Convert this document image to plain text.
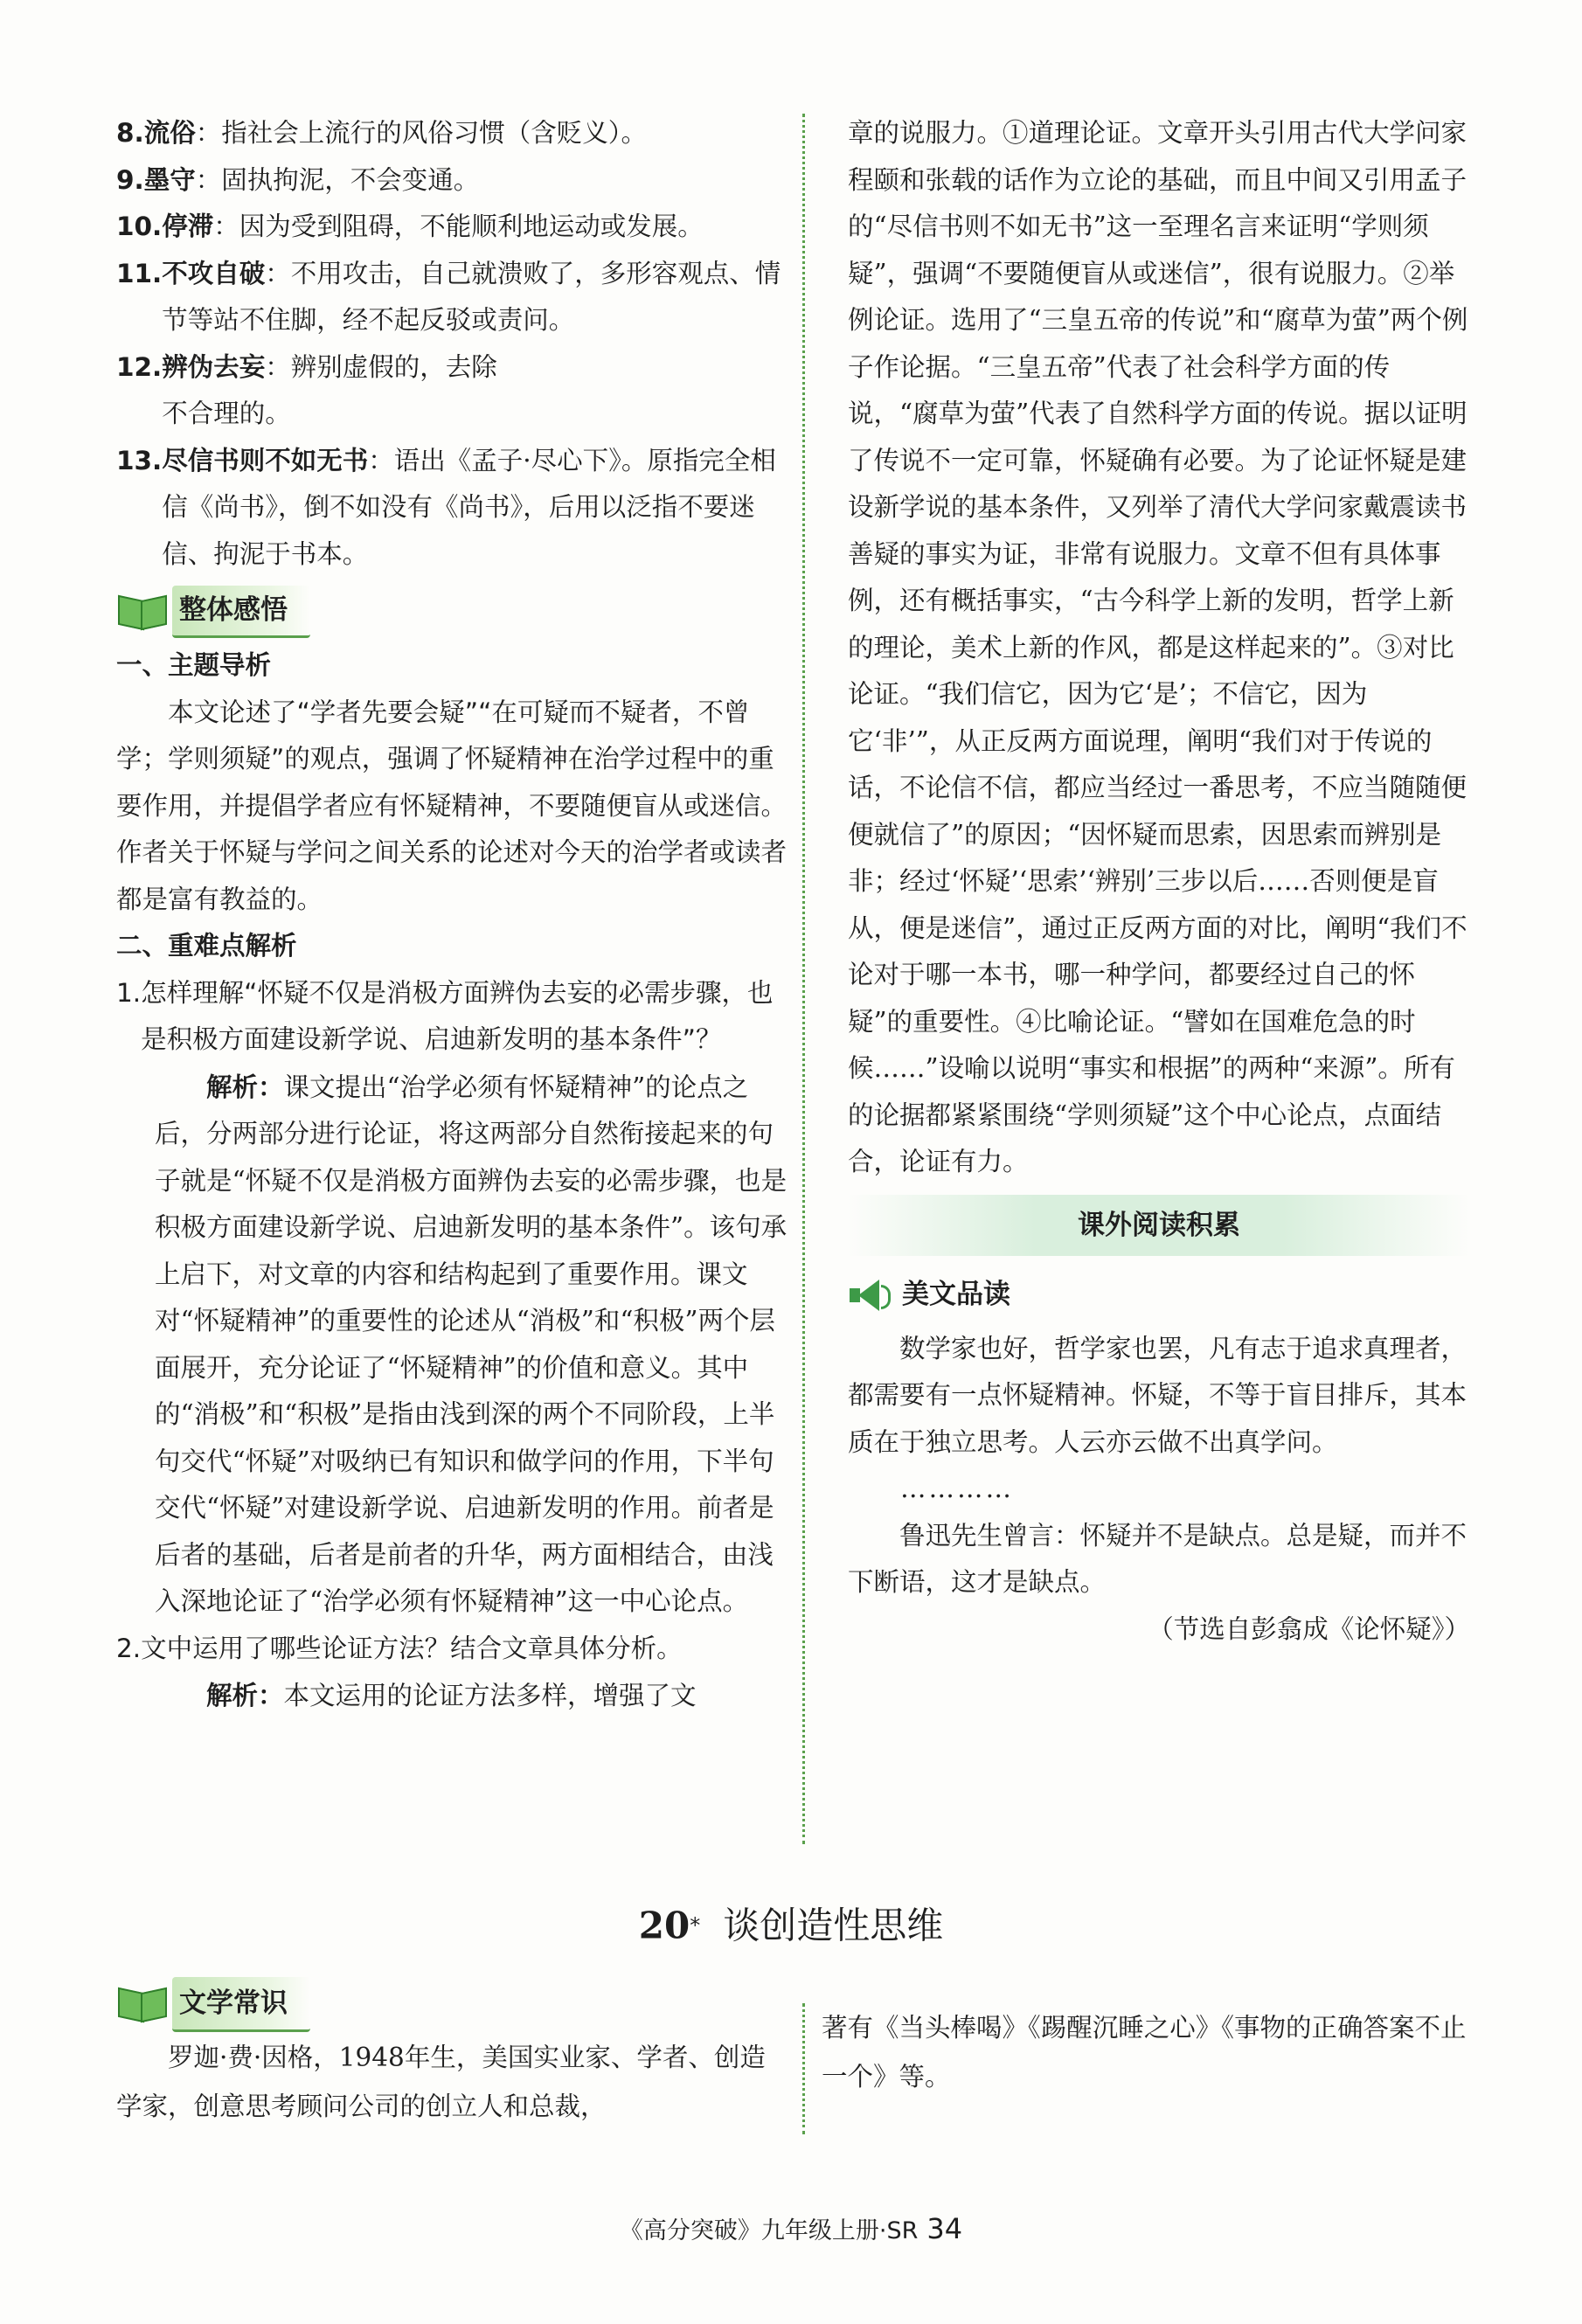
8. 流俗：指社会上流行的风俗习惯（含贬义）。
9. 墨守：固执拘泥，不会变通。
10. 停滞：因为受到阻碍，不能顺利地运动或发展。
11. 不攻自破：不用攻击，自己就溃败了，多形容观点、情节等站不住脚，经不起反驳或责问。
12. 辨伪去妄：辨别虚假的，去除不合理的。
13. 尽信书则不如无书：语出《孟子·尽心下》。原指完全相信《尚书》，倒不如没有《尚书》，后用以泛指不要迷信、拘泥于书本。
整体感悟

一、主题导析

本文论述了“学者先要会疑”“在可疑而不疑者，不曾学；学则须疑”的观点，强调了怀疑精神在治学过程中的重要作用，并提倡学者应有怀疑精神，不要随便盲从或迷信。作者关于怀疑与学问之间关系的论述对今天的治学者或读者都是富有教益的。

二、重难点解析

1. 怎样理解“怀疑不仅是消极方面辨伪去妄的必需步骤，也是积极方面建设新学说、启迪新发明的基本条件”？

解析：课文提出“治学必须有怀疑精神”的论点之后，分两部分进行论证，将这两部分自然衔接起来的句子就是“怀疑不仅是消极方面辨伪去妄的必需步骤，也是积极方面建设新学说、启迪新发明的基本条件”。该句承上启下，对文章的内容和结构起到了重要作用。课文对“怀疑精神”的重要性的论述从“消极”和“积极”两个层面展开，充分论证了“怀疑精神”的价值和意义。其中的“消极”和“积极”是指由浅到深的两个不同阶段，上半句交代“怀疑”对吸纳已有知识和做学问的作用，下半句交代“怀疑”对建设新学说、启迪新发明的作用。前者是后者的基础，后者是前者的升华，两方面相结合，由浅入深地论证了“治学必须有怀疑精神”这一中心论点。

2. 文中运用了哪些论证方法？结合文章具体分析。

解析：本文运用的论证方法多样，增强了文

章的说服力。①道理论证。文章开头引用古代大学问家程颐和张载的话作为立论的基础，而且中间又引用孟子的“尽信书则不如无书”这一至理名言来证明“学则须疑”，强调“不要随便盲从或迷信”，很有说服力。②举例论证。选用了“三皇五帝的传说”和“腐草为萤”两个例子作论据。“三皇五帝”代表了社会科学方面的传说，“腐草为萤”代表了自然科学方面的传说。据以证明了传说不一定可靠，怀疑确有必要。为了论证怀疑是建设新学说的基本条件，又列举了清代大学问家戴震读书善疑的事实为证，非常有说服力。文章不但有具体事例，还有概括事实，“古今科学上新的发明，哲学上新的理论，美术上新的作风，都是这样起来的”。③对比论证。“我们信它，因为它‘是’；不信它，因为它‘非’”，从正反两方面说理，阐明“我们对于传说的话，不论信不信，都应当经过一番思考，不应当随随便便就信了”的原因；“因怀疑而思索，因思索而辨别是非；经过‘怀疑’‘思索’‘辨别’三步以后……否则便是盲从，便是迷信”，通过正反两方面的对比，阐明“我们不论对于哪一本书，哪一种学问，都要经过自己的怀疑”的重要性。④比喻论证。“譬如在国难危急的时候……”设喻以说明“事实和根据”的两种“来源”。所有的论据都紧紧围绕“学则须疑”这个中心论点，点面结合，论证有力。

课外阅读积累
美文品读

数学家也好，哲学家也罢，凡有志于追求真理者，都需要有一点怀疑精神。怀疑，不等于盲目排斥，其本质在于独立思考。人云亦云做不出真学问。

…………

鲁迅先生曾言：怀疑并不是缺点。总是疑，而并不下断语，这才是缺点。

（节选自彭翕成《论怀疑》）

20* 谈创造性思维
文学常识

罗迦·费·因格，1948年生，美国实业家、学者、创造学家，创意思考顾问公司的创立人和总裁，

著有《当头棒喝》《踢醒沉睡之心》《事物的正确答案不止一个》等。

《高分突破》九年级上册·SR 34
